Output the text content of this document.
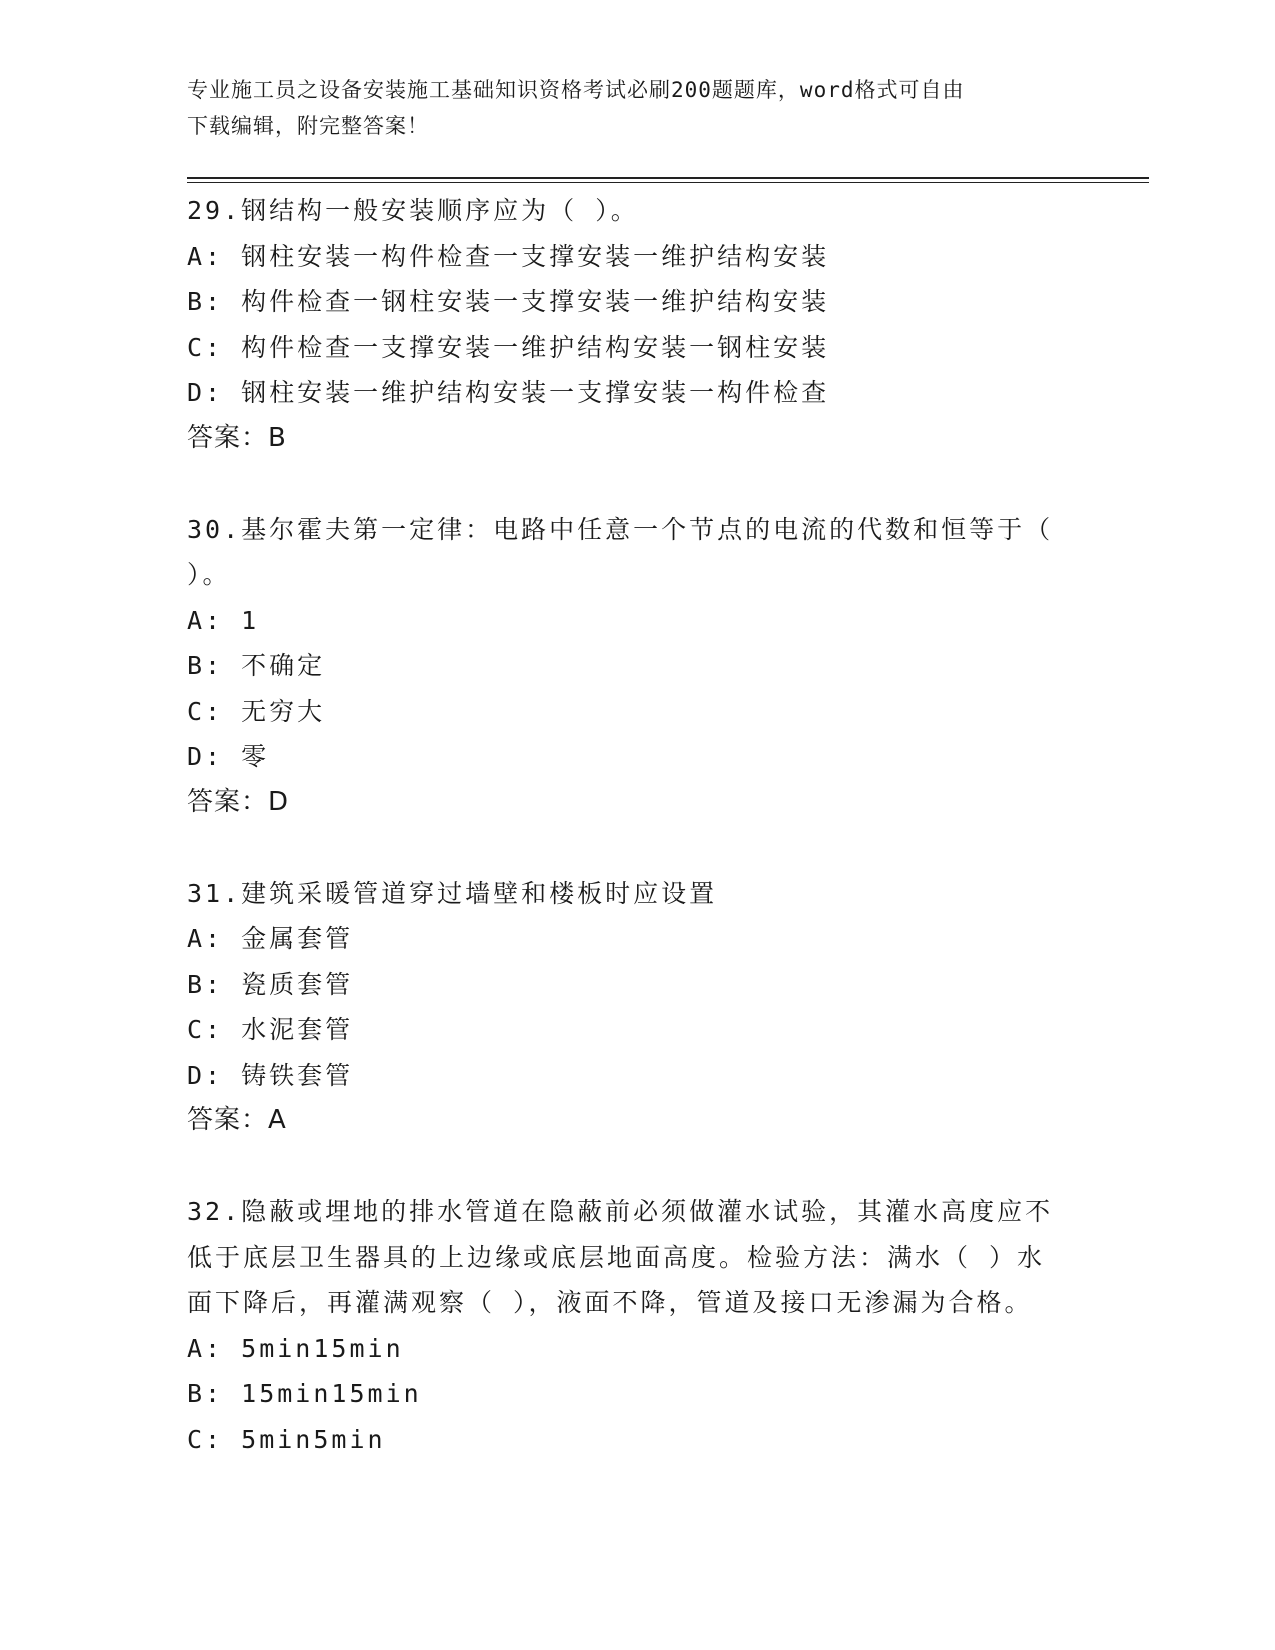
专业施工员之设备安装施工基础知识资格考试必刷200题题库，word格式可自由
下载编辑，附完整答案！
29.钢结构一般安装顺序应为（ ）。
A: 钢柱安装一构件检查一支撑安装一维护结构安装
B: 构件检查一钢柱安装一支撑安装一维护结构安装
C: 构件检查一支撑安装一维护结构安装一钢柱安装
D: 钢柱安装一维护结构安装一支撑安装一构件检查
答案：B
30.基尔霍夫第一定律：电路中任意一个节点的电流的代数和恒等于（
）。
A: 1
B: 不确定
C: 无穷大
D: 零
答案：D
31.建筑采暖管道穿过墙壁和楼板时应设置
A: 金属套管
B: 瓷质套管
C: 水泥套管
D: 铸铁套管
答案：A
32.隐蔽或埋地的排水管道在隐蔽前必须做灌水试验，其灌水高度应不
低于底层卫生器具的上边缘或底层地面高度。检验方法：满水（ ）水
面下降后，再灌满观察（ ），液面不降，管道及接口无渗漏为合格。
A: 5min15min
B: 15min15min
C: 5min5min
